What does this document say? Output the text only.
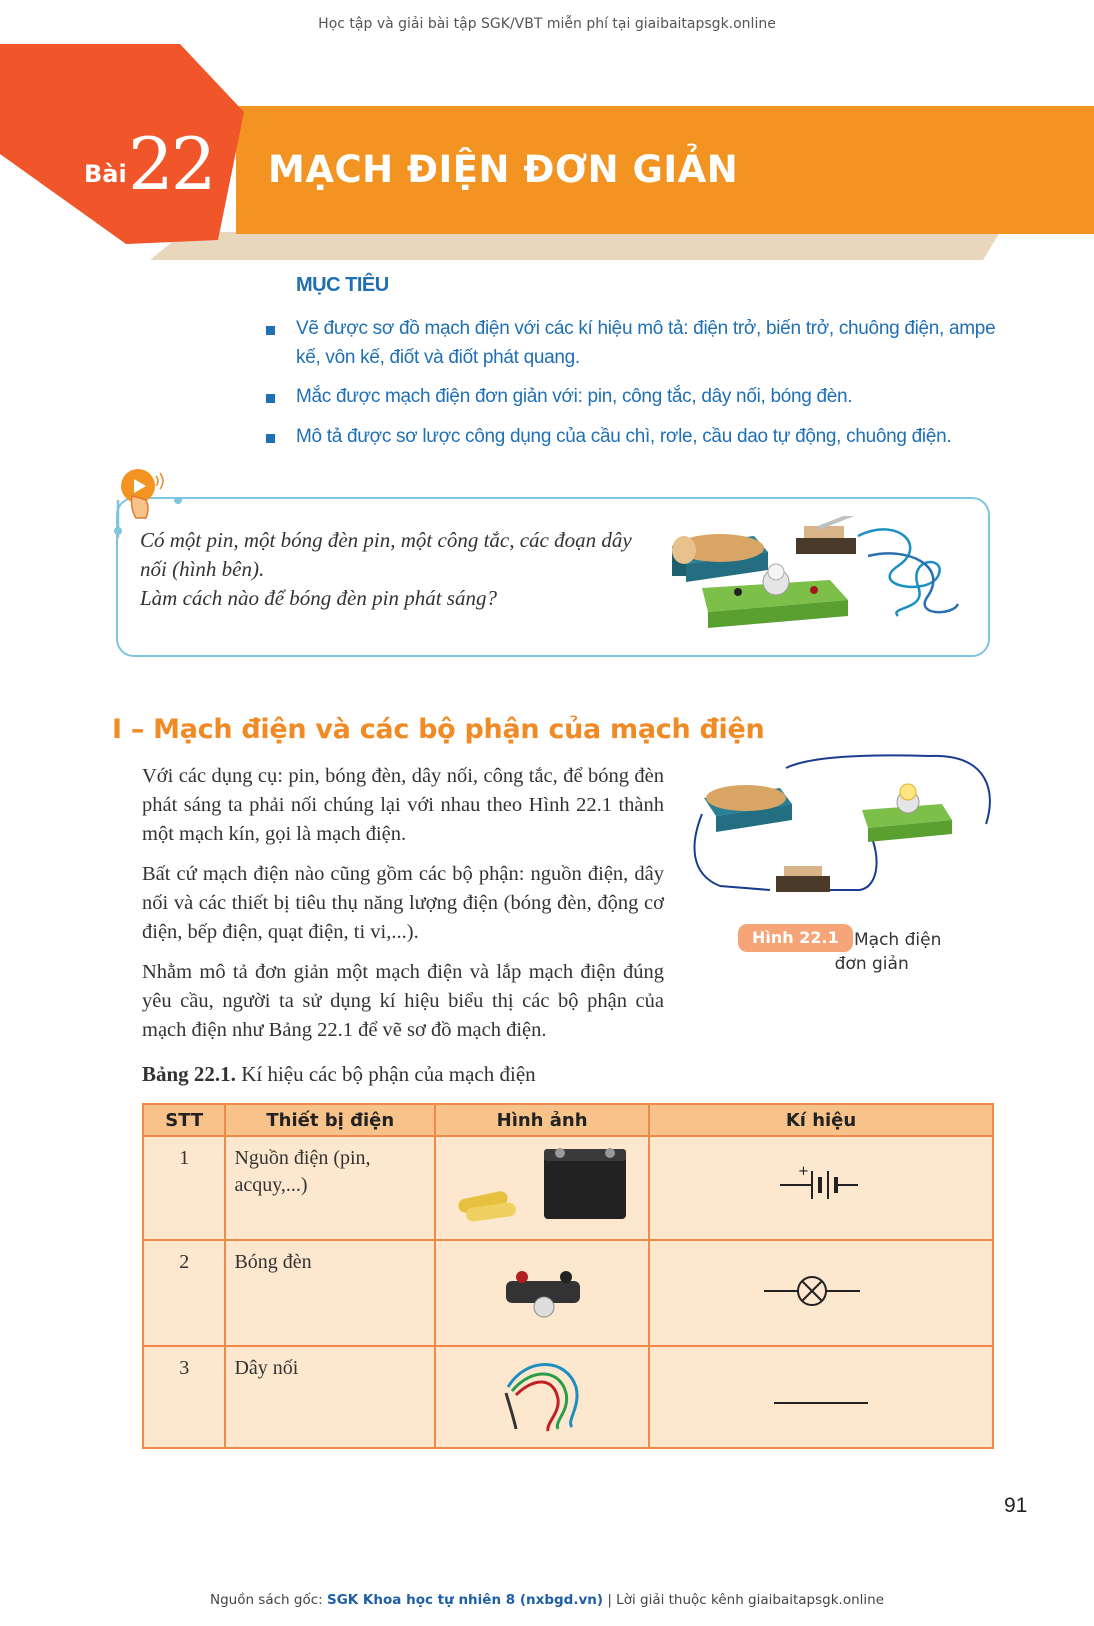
Học tập và giải bài tập SGK/VBT miễn phí tại giaibaitapsgk.online
Bài 22 MẠCH ĐIỆN ĐƠN GIẢN
MỤC TIÊU
Vẽ được sơ đồ mạch điện với các kí hiệu mô tả: điện trở, biến trở, chuông điện, ampe kế, vôn kế, điốt và điốt phát quang.
Mắc được mạch điện đơn giản với: pin, công tắc, dây nối, bóng đèn.
Mô tả được sơ lược công dụng của cầu chì, rơle, cầu dao tự động, chuông điện.
Có một pin, một bóng đèn pin, một công tắc, các đoạn dây nối (hình bên).
Làm cách nào để bóng đèn pin phát sáng?
I – Mạch điện và các bộ phận của mạch điện
Với các dụng cụ: pin, bóng đèn, dây nối, công tắc, để bóng đèn phát sáng ta phải nối chúng lại với nhau theo Hình 22.1 thành một mạch kín, gọi là mạch điện.
Bất cứ mạch điện nào cũng gồm các bộ phận: nguồn điện, dây nối và các thiết bị tiêu thụ năng lượng điện (bóng đèn, động cơ điện, bếp điện, quạt điện, ti vi,...).
Nhằm mô tả đơn giản một mạch điện và lắp mạch điện đúng yêu cầu, người ta sử dụng kí hiệu biểu thị các bộ phận của mạch điện như Bảng 22.1 để vẽ sơ đồ mạch điện.
Hình 22.1 Mạch điện
đơn giản
Bảng 22.1. Kí hiệu các bộ phận của mạch điện
STT	Thiết bị điện	Hình ảnh	Kí hiệu

1	Nguồn điện (pin, acquy,...)		+

2	Bóng đèn

3	Dây nối

91
Nguồn sách gốc: SGK Khoa học tự nhiên 8 (nxbgd.vn) | Lời giải thuộc kênh giaibaitapsgk.online
